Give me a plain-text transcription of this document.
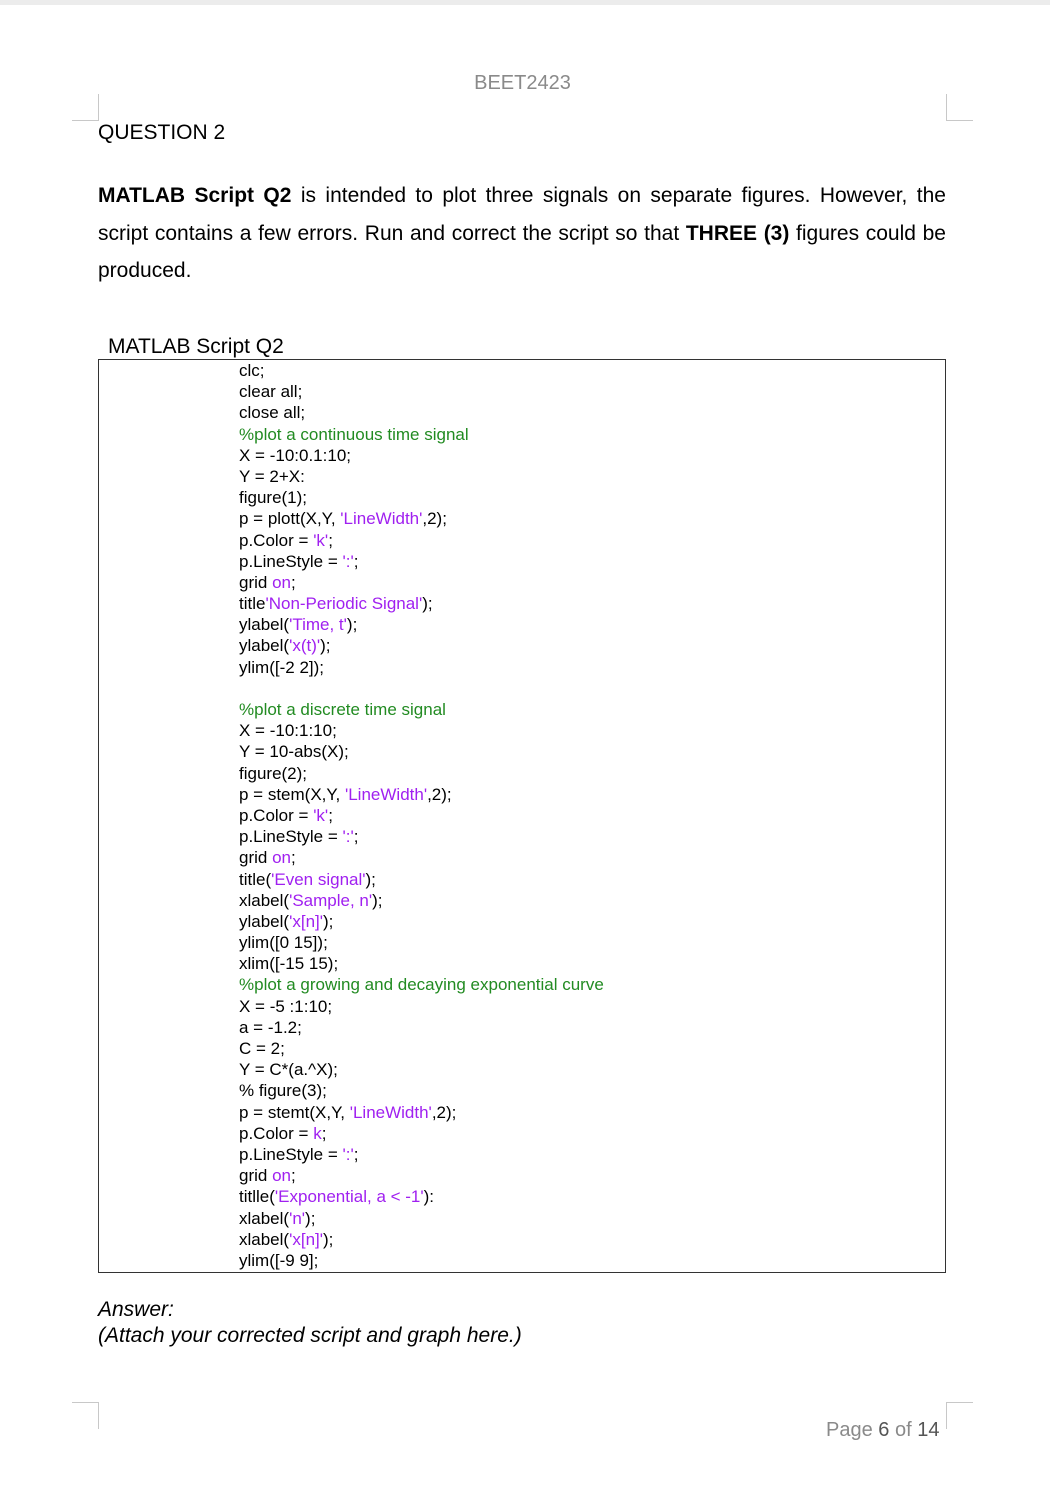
BEET2423
QUESTION 2
MATLAB Script Q2 is intended to plot three signals on separate figures. However, the script contains a few errors. Run and correct the script so that THREE (3) figures could be produced.
MATLAB Script Q2
clc;
clear all;
close all;
%plot a continuous time signal
X = -10:0.1:10;
Y = 2+X:
figure(1);
p = plott(X,Y, 'LineWidth',2);
p.Color = 'k';
p.LineStyle = ':';
grid on;
title'Non-Periodic Signal');
ylabel('Time, t');
ylabel('x(t)');
ylim([-2 2]);
%plot a discrete time signal
X = -10:1:10;
Y = 10-abs(X);
figure(2);
p = stem(X,Y, 'LineWidth',2);
p.Color = 'k';
p.LineStyle = ':';
grid on;
title('Even signal');
xlabel('Sample, n');
ylabel('x[n]');
ylim([0 15]);
xlim([-15 15);
%plot a growing and decaying exponential curve
X = -5 :1:10;
a = -1.2;
C = 2;
Y = C*(a.^X);
% figure(3);
p = stemt(X,Y, 'LineWidth',2);
p.Color = k;
p.LineStyle = ':';
grid on;
titlle('Exponential, a < -1'):
xlabel('n');
xlabel('x[n]');
ylim([-9 9];
Answer:
(Attach your corrected script and graph here.)
Page 6 of 14
